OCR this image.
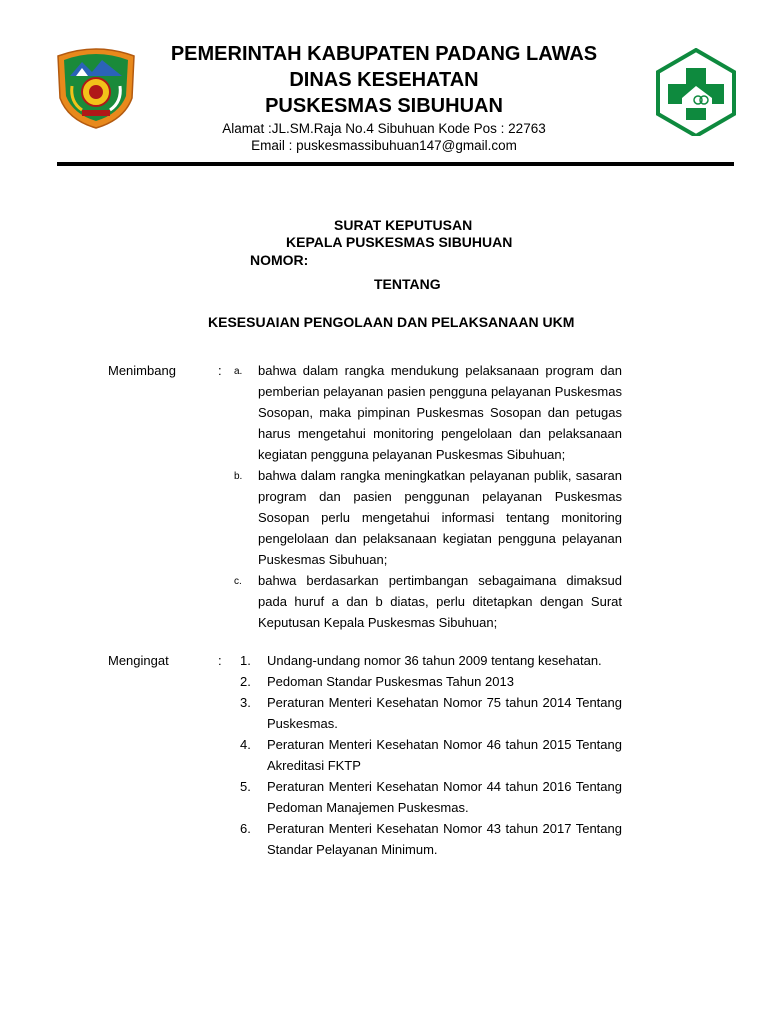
PEMERINTAH KABUPATEN PADANG LAWAS
DINAS KESEHATAN
PUSKESMAS SIBUHUAN
Alamat :JL.SM.Raja No.4 Sibuhuan Kode Pos : 22763
Email : puskesmassibuhuan147@gmail.com
SURAT KEPUTUSAN
KEPALA PUSKESMAS SIBUHUAN
NOMOR:
TENTANG
KESESUAIAN PENGOLAAN DAN PELAKSANAAN UKM
Menimbang	: a. bahwa dalam rangka mendukung pelaksanaan program dan pemberian pelayanan pasien pengguna pelayanan Puskesmas Sosopan, maka pimpinan Puskesmas Sosopan dan petugas harus mengetahui monitoring pengelolaan dan pelaksanaan kegiatan pengguna pelayanan Puskesmas Sibuhuan;
b. bahwa dalam rangka meningkatkan pelayanan publik, sasaran program dan pasien penggunan pelayanan Puskesmas Sosopan perlu mengetahui informasi tentang monitoring pengelolaan dan pelaksanaan kegiatan pengguna pelayanan Puskesmas Sibuhuan;
c. bahwa berdasarkan pertimbangan sebagaimana dimaksud pada huruf a dan b diatas, perlu ditetapkan dengan Surat Keputusan Kepala Puskesmas Sibuhuan;
Mengingat	: 1. Undang-undang nomor 36 tahun 2009 tentang kesehatan.
2. Pedoman Standar Puskesmas Tahun 2013
3. Peraturan Menteri Kesehatan Nomor 75 tahun 2014 Tentang Puskesmas.
4. Peraturan Menteri Kesehatan Nomor 46 tahun 2015 Tentang Akreditasi FKTP
5. Peraturan Menteri Kesehatan Nomor 44 tahun 2016 Tentang Pedoman Manajemen Puskesmas.
6. Peraturan Menteri Kesehatan Nomor 43 tahun 2017 Tentang Standar Pelayanan Minimum.
